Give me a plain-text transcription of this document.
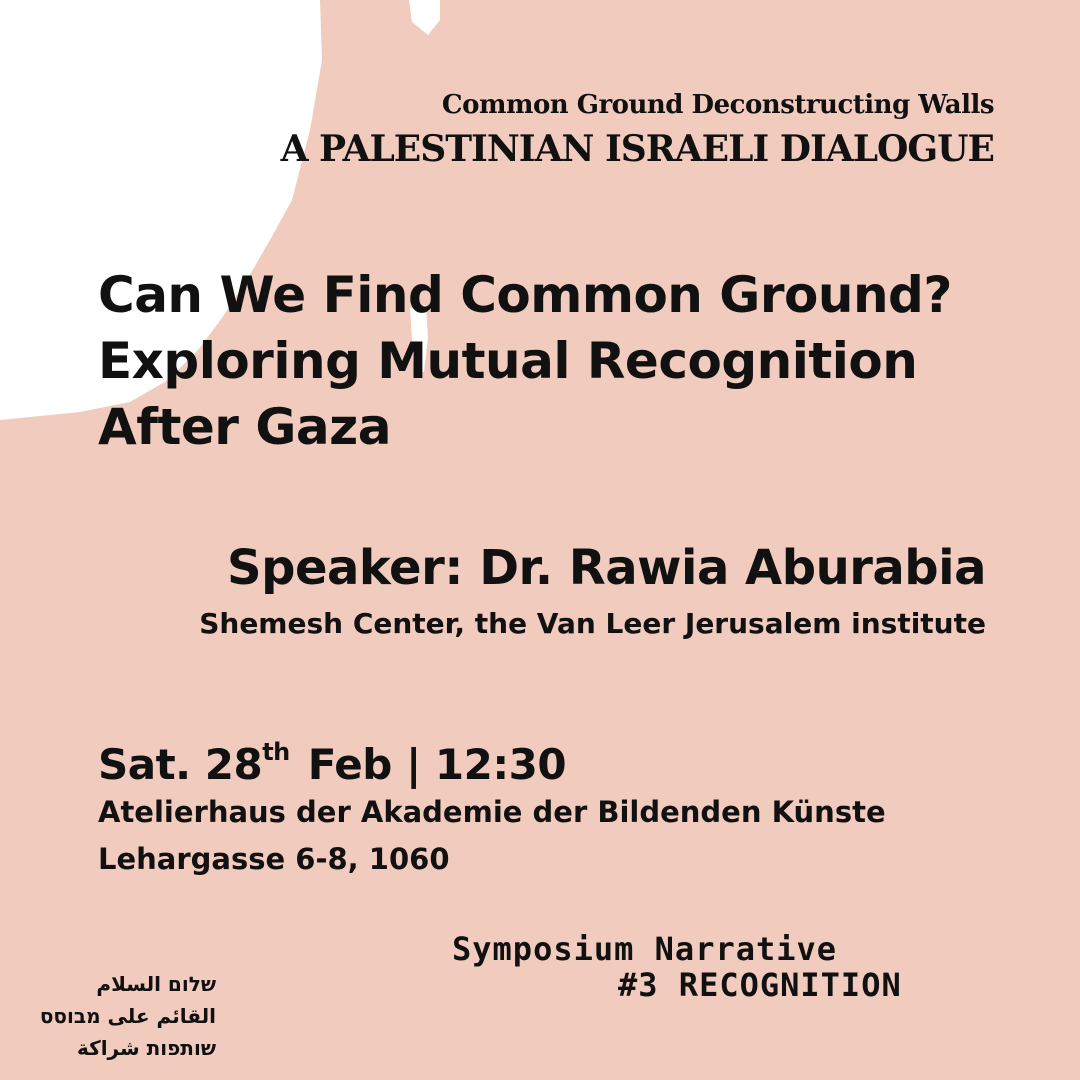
Common Ground Deconstructing Walls
A PALESTINIAN ISRAELI DIALOGUE
Can We Find Common Ground?
Exploring Mutual Recognition
After Gaza
Speaker: Dr. Rawia Aburabia
Shemesh Center, the Van Leer Jerusalem institute
Sat. 28th Feb | 12:30
Atelierhaus der Akademie der Bildenden Künste
Lehargasse 6-8, 1060
Symposium Narrative
#3 RECOGNITION
שלום السلام
القائم على מבוסס
שותפות شراكة
